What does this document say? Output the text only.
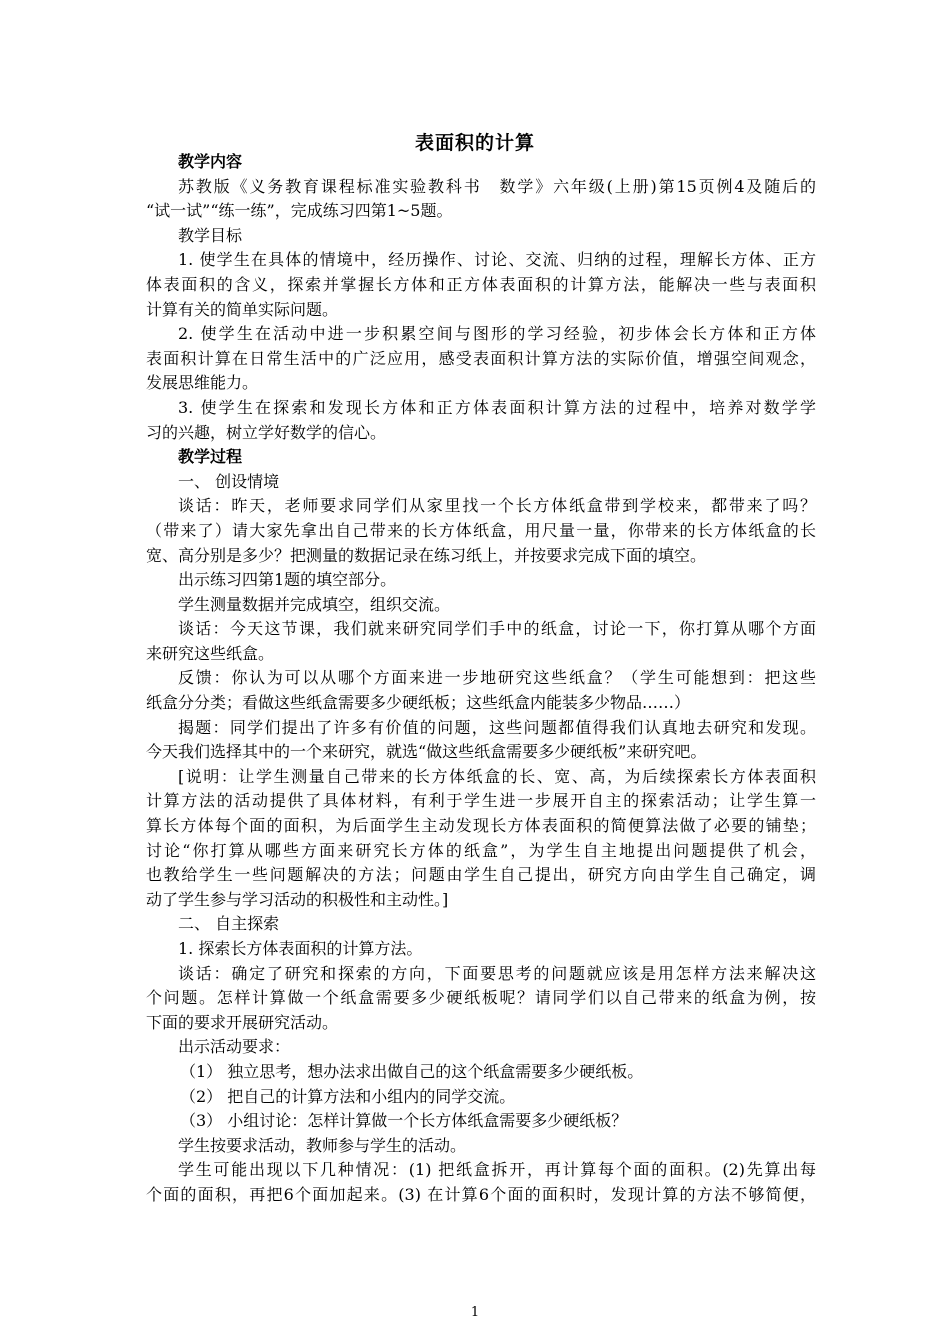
表面积的计算
教学内容
苏教版《义务教育课程标准实验教科书　数学》六年级(上册)第15页例4及随后的
“试一试”“练一练”，完成练习四第1~5题。
教学目标
1. 使学生在具体的情境中，经历操作、讨论、交流、归纳的过程，理解长方体、正方
体表面积的含义，探索并掌握长方体和正方体表面积的计算方法，能解决一些与表面积
计算有关的简单实际问题。
2. 使学生在活动中进一步积累空间与图形的学习经验，初步体会长方体和正方体
表面积计算在日常生活中的广泛应用，感受表面积计算方法的实际价值，增强空间观念，
发展思维能力。
3. 使学生在探索和发现长方体和正方体表面积计算方法的过程中，培养对数学学
习的兴趣，树立学好数学的信心。
教学过程
一、 创设情境
谈话：昨天，老师要求同学们从家里找一个长方体纸盒带到学校来，都带来了吗？
（带来了）请大家先拿出自己带来的长方体纸盒，用尺量一量，你带来的长方体纸盒的长
宽、高分别是多少？把测量的数据记录在练习纸上，并按要求完成下面的填空。
出示练习四第1题的填空部分。
学生测量数据并完成填空，组织交流。
谈话：今天这节课，我们就来研究同学们手中的纸盒，讨论一下，你打算从哪个方面
来研究这些纸盒。
反馈：你认为可以从哪个方面来进一步地研究这些纸盒？（学生可能想到：把这些
纸盒分分类；看做这些纸盒需要多少硬纸板；这些纸盒内能装多少物品……）
揭题：同学们提出了许多有价值的问题，这些问题都值得我们认真地去研究和发现。
今天我们选择其中的一个来研究，就选“做这些纸盒需要多少硬纸板”来研究吧。
[说明：让学生测量自己带来的长方体纸盒的长、宽、高，为后续探索长方体表面积
计算方法的活动提供了具体材料，有利于学生进一步展开自主的探索活动；让学生算一
算长方体每个面的面积，为后面学生主动发现长方体表面积的简便算法做了必要的铺垫；
讨论“你打算从哪些方面来研究长方体的纸盒”，为学生自主地提出问题提供了机会，
也教给学生一些问题解决的方法；问题由学生自己提出，研究方向由学生自己确定，调
动了学生参与学习活动的积极性和主动性。]
二、 自主探索
1. 探索长方体表面积的计算方法。
谈话：确定了研究和探索的方向，下面要思考的问题就应该是用怎样方法来解决这
个问题。怎样计算做一个纸盒需要多少硬纸板呢？请同学们以自己带来的纸盒为例，按
下面的要求开展研究活动。
出示活动要求：
（1） 独立思考，想办法求出做自己的这个纸盒需要多少硬纸板。
（2） 把自己的计算方法和小组内的同学交流。
（3） 小组讨论：怎样计算做一个长方体纸盒需要多少硬纸板？
学生按要求活动，教师参与学生的活动。
学生可能出现以下几种情况：(1) 把纸盒拆开，再计算每个面的面积。(2)先算出每
个面的面积，再把6个面加起来。(3) 在计算6个面的面积时，发现计算的方法不够简便，
1
